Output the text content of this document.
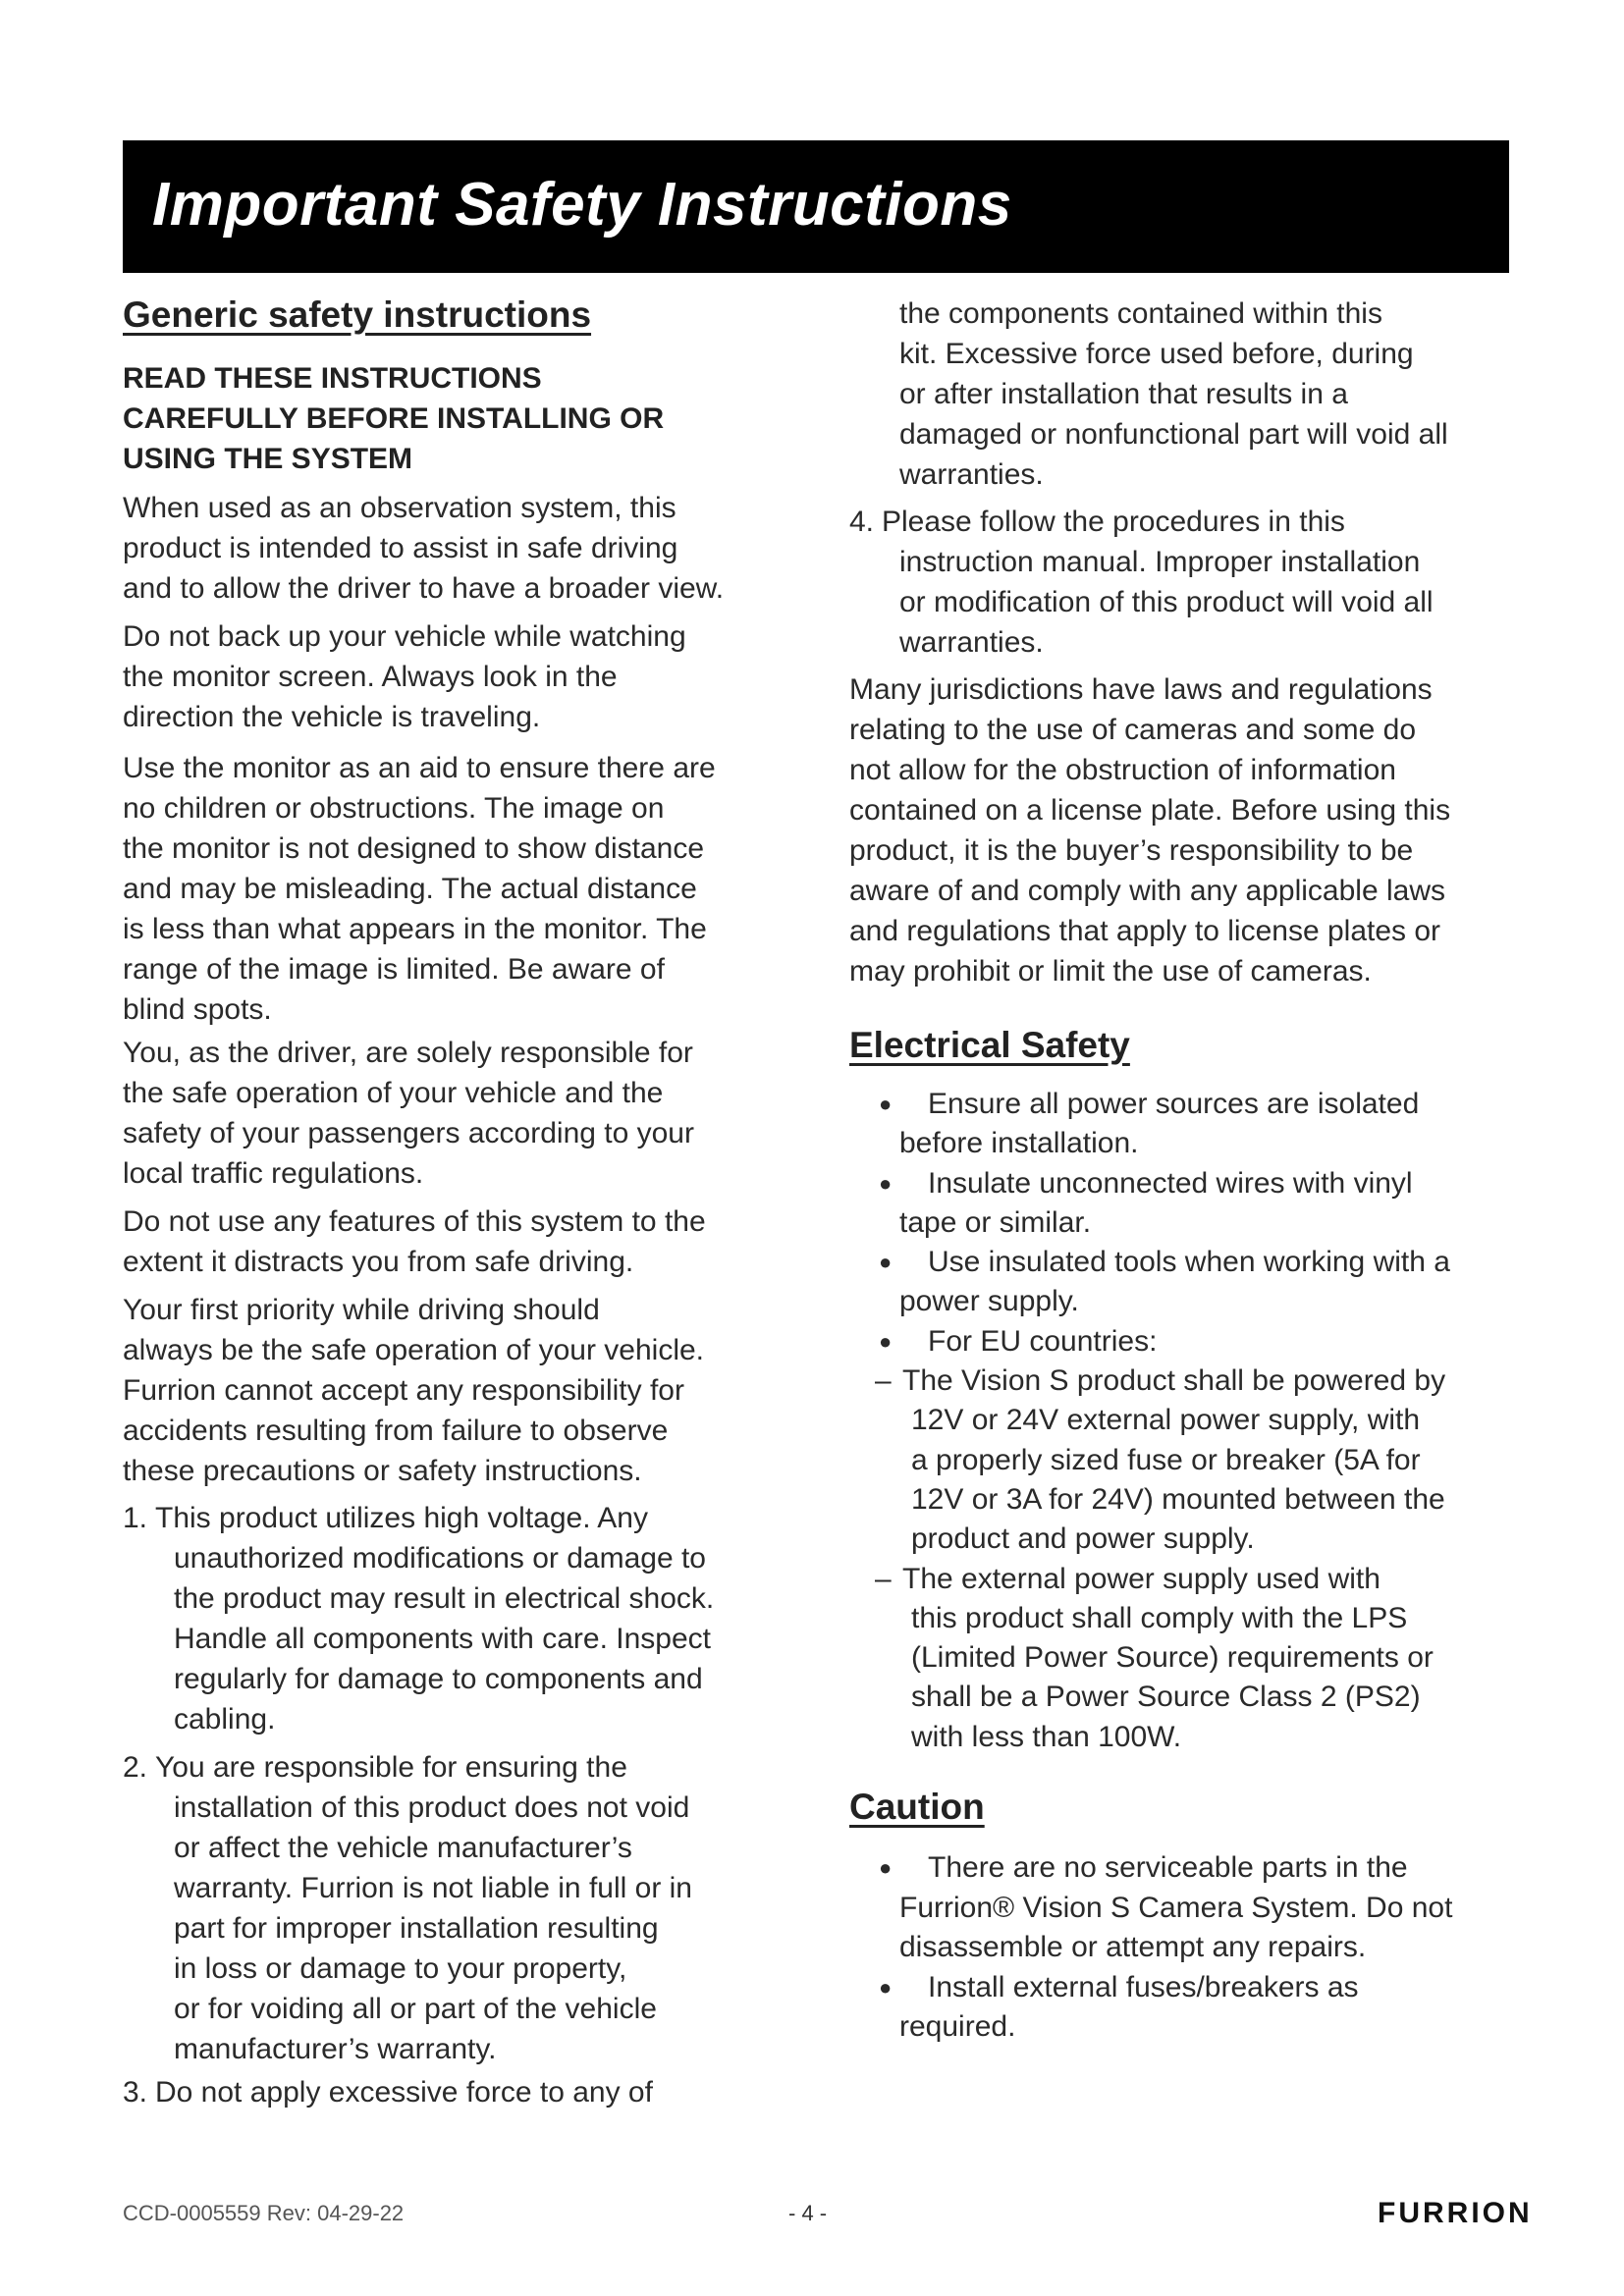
Important Safety Instructions
Generic safety instructions
READ THESE INSTRUCTIONS
CAREFULLY BEFORE INSTALLING OR
USING THE SYSTEM
When used as an observation system, this
product is intended to assist in safe driving
and to allow the driver to have a broader view.
Do not back up your vehicle while watching
the monitor screen. Always look in the
direction the vehicle is traveling.
Use the monitor as an aid to ensure there are
no children or obstructions. The image on
the monitor is not designed to show distance
and may be misleading. The actual distance
is less than what appears in the monitor. The
range of the image is limited. Be aware of
blind spots.
You, as the driver, are solely responsible for
the safe operation of your vehicle and the
safety of your passengers according to your
local traffic regulations.
Do not use any features of this system to the
extent it distracts you from safe driving.
Your first priority while driving should
always be the safe operation of your vehicle.
Furrion cannot accept any responsibility for
accidents resulting from failure to observe
these precautions or safety instructions.
1. This product utilizes high voltage. Any
unauthorized modifications or damage to
the product may result in electrical shock.
Handle all components with care. Inspect
regularly for damage to components and
cabling.
2. You are responsible for ensuring the
installation of this product does not void
or affect the vehicle manufacturer’s
warranty. Furrion is not liable in full or in
part for improper installation resulting
in loss or damage to your property,
or for voiding all or part of the vehicle
manufacturer’s warranty.
3. Do not apply excessive force to any of
the components contained within this
kit. Excessive force used before, during
or after installation that results in a
damaged or nonfunctional part will void all
warranties.
4. Please follow the procedures in this
instruction manual. Improper installation
or modification of this product will void all
warranties.
Many jurisdictions have laws and regulations
relating to the use of cameras and some do
not allow for the obstruction of information
contained on a license plate. Before using this
product, it is the buyer’s responsibility to be
aware of and comply with any applicable laws
and regulations that apply to license plates or
may prohibit or limit the use of cameras.
Electrical Safety
●	Ensure all power sources are isolated
before installation.
●	Insulate unconnected wires with vinyl
tape or similar.
●	Use insulated tools when working with a
power supply.
●	For EU countries:
– The Vision S product shall be powered by
12V or 24V external power supply, with
a properly sized fuse or breaker (5A for
12V or 3A for 24V) mounted between the
product and power supply.
– The external power supply used with
this product shall comply with the LPS
(Limited Power Source) requirements or
shall be a Power Source Class 2 (PS2)
with less than 100W.
Caution
●	There are no serviceable parts in the
Furrion® Vision S Camera System. Do not
disassemble or attempt any repairs.
●	Install external fuses/breakers as
required.
CCD-0005559 Rev: 04-29-22	- 4 -	FURRION
